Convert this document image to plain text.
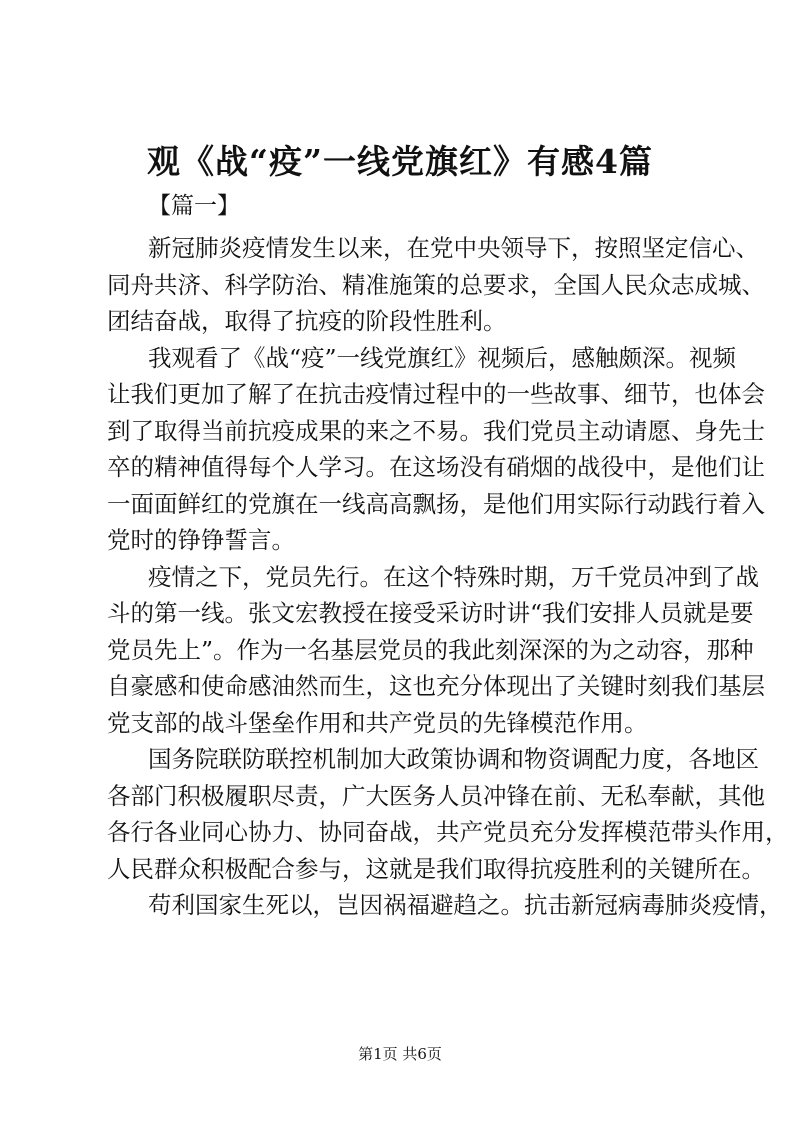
观《战“疫”一线党旗红》有感4篇
【篇一】

新冠肺炎疫情发生以来，在党中央领导下，按照坚定信心、
同舟共济、科学防治、精准施策的总要求，全国人民众志成城、
团结奋战，取得了抗疫的阶段性胜利。

我观看了《战“疫”一线党旗红》视频后，感触颇深。视频
让我们更加了解了在抗击疫情过程中的一些故事、细节，也体会
到了取得当前抗疫成果的来之不易。我们党员主动请愿、身先士
卒的精神值得每个人学习。在这场没有硝烟的战役中，是他们让
一面面鲜红的党旗在一线高高飘扬，是他们用实际行动践行着入
党时的铮铮誓言。

疫情之下，党员先行。在这个特殊时期，万千党员冲到了战
斗的第一线。张文宏教授在接受采访时讲“我们安排人员就是要
党员先上”。作为一名基层党员的我此刻深深的为之动容，那种
自豪感和使命感油然而生，这也充分体现出了关键时刻我们基层
党支部的战斗堡垒作用和共产党员的先锋模范作用。

国务院联防联控机制加大政策协调和物资调配力度，各地区
各部门积极履职尽责，广大医务人员冲锋在前、无私奉献，其他
各行各业同心协力、协同奋战，共产党员充分发挥模范带头作用，
人民群众积极配合参与，这就是我们取得抗疫胜利的关键所在。

苟利国家生死以，岂因祸福避趋之。抗击新冠病毒肺炎疫情，

第1页 共6页
